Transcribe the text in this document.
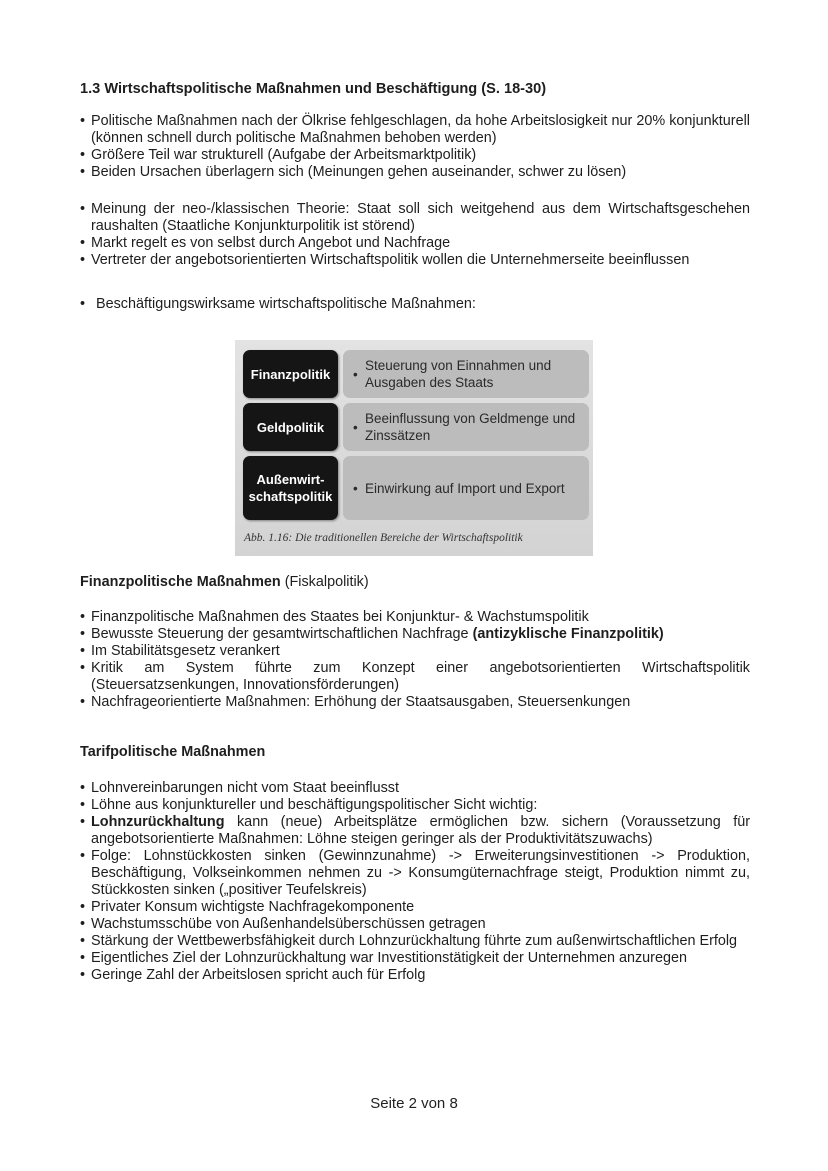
1.3 Wirtschaftspolitische Maßnahmen und Beschäftigung (S. 18-30)
• Politische Maßnahmen nach der Ölkrise fehlgeschlagen, da hohe Arbeitslosigkeit nur 20% konjunkturell (können schnell durch politische Maßnahmen behoben werden)
• Größere Teil war strukturell (Aufgabe der Arbeitsmarktpolitik)
• Beiden Ursachen überlagern sich (Meinungen gehen auseinander, schwer zu lösen)
• Meinung der neo-/klassischen Theorie: Staat soll sich weitgehend aus dem Wirtschaftsgeschehen raushalten (Staatliche Konjunkturpolitik ist störend)
• Markt regelt es von selbst durch Angebot und Nachfrage
• Vertreter der angebotsorientierten Wirtschaftspolitik wollen die Unternehmerseite beeinflussen
• Beschäftigungswirksame wirtschaftspolitische Maßnahmen:
Finanzpolitik	•
Steuerung von Einnahmen und Ausgaben des Staats
Geldpolitik	•
Beeinflussung von Geldmenge und Zinssätzen
Außenwirt-schaftspolitik
• Einwirkung auf Import und Export
Abb. 1.16: Die traditionellen Bereiche der Wirtschaftspolitik
Finanzpolitische Maßnahmen (Fiskalpolitik)
• Finanzpolitische Maßnahmen des Staates bei Konjunktur- & Wachstumspolitik
• Bewusste Steuerung der gesamtwirtschaftlichen Nachfrage (antizyklische Finanzpolitik)
• Im Stabilitätsgesetz verankert
• Kritik am System führte zum Konzept einer angebotsorientierten Wirtschaftspolitik (Steuersatzsenkungen, Innovationsförderungen)
• Nachfrageorientierte Maßnahmen: Erhöhung der Staatsausgaben, Steuersenkungen
Tarifpolitische Maßnahmen
• Lohnvereinbarungen nicht vom Staat beeinflusst
• Löhne aus konjunktureller und beschäftigungspolitischer Sicht wichtig:
• Lohnzurückhaltung kann (neue) Arbeitsplätze ermöglichen bzw. sichern (Voraussetzung für angebotsorientierte Maßnahmen: Löhne steigen geringer als der Produktivitätszuwachs)
• Folge: Lohnstückkosten sinken (Gewinnzunahme) -> Erweiterungsinvestitionen -> Produktion, Beschäftigung, Volkseinkommen nehmen zu -> Konsumgüternachfrage steigt, Produktion nimmt zu, Stückkosten sinken („positiver Teufelskreis)
• Privater Konsum wichtigste Nachfragekomponente
• Wachstumsschübe von Außenhandelsüberschüssen getragen
• Stärkung der Wettbewerbsfähigkeit durch Lohnzurückhaltung führte zum außenwirtschaftlichen Erfolg
• Eigentliches Ziel der Lohnzurückhaltung war Investitionstätigkeit der Unternehmen anzuregen
• Geringe Zahl der Arbeitslosen spricht auch für Erfolg
Seite 2 von 8
